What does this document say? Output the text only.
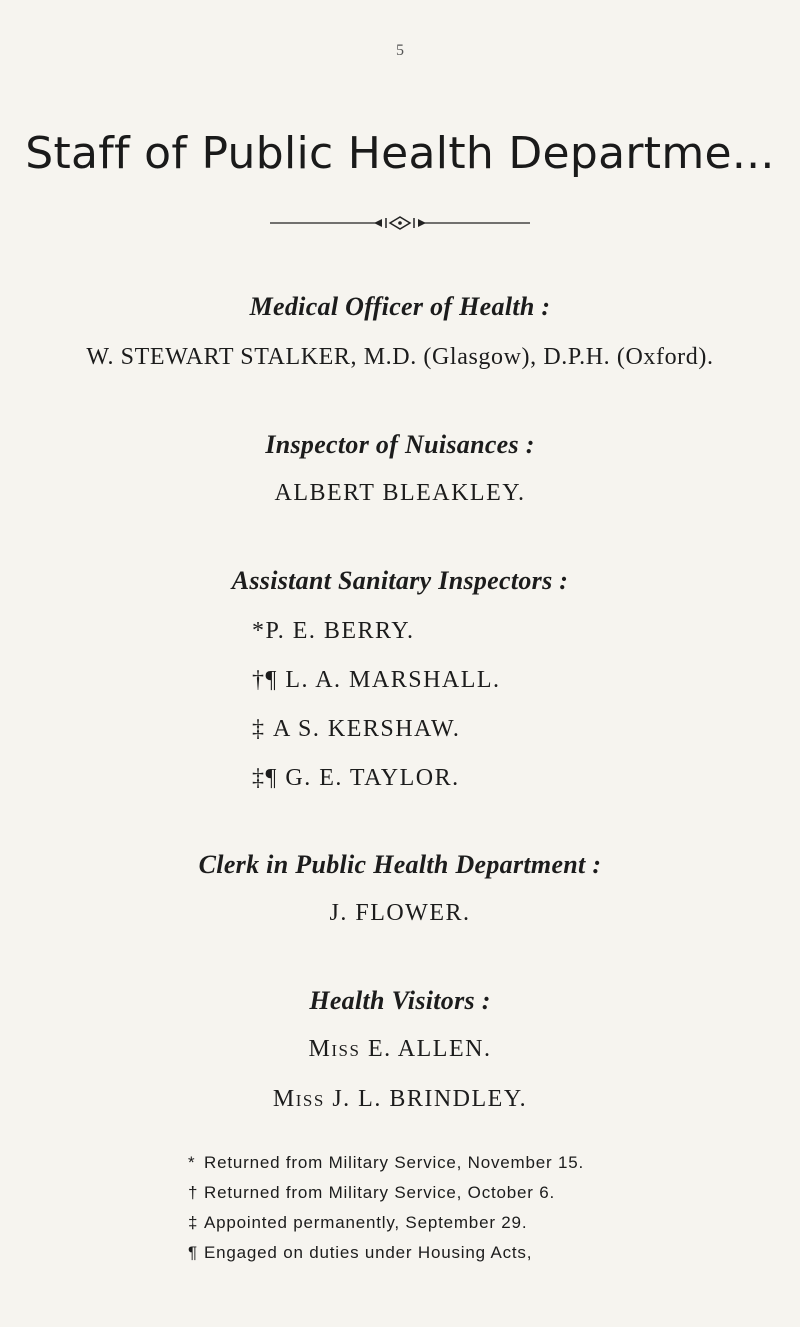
5
Staff of Public Health Departme...
Medical Officer of Health :
W. STEWART STALKER, M.D. (Glasgow), D.P.H. (Oxford).
Inspector of Nuisances :
ALBERT BLEAKLEY.
Assistant Sanitary Inspectors :
*P. E. BERRY.
†¶ L. A. MARSHALL.
‡ A S. KERSHAW.
‡¶ G. E. TAYLOR.
Clerk in Public Health Department :
J. FLOWER.
Health Visitors :
Miss E. ALLEN.
Miss J. L. BRINDLEY.
* Returned from Military Service, November 15.
† Returned from Military Service, October 6.
‡ Appointed permanently, September 29.
¶ Engaged on duties under Housing Acts,
